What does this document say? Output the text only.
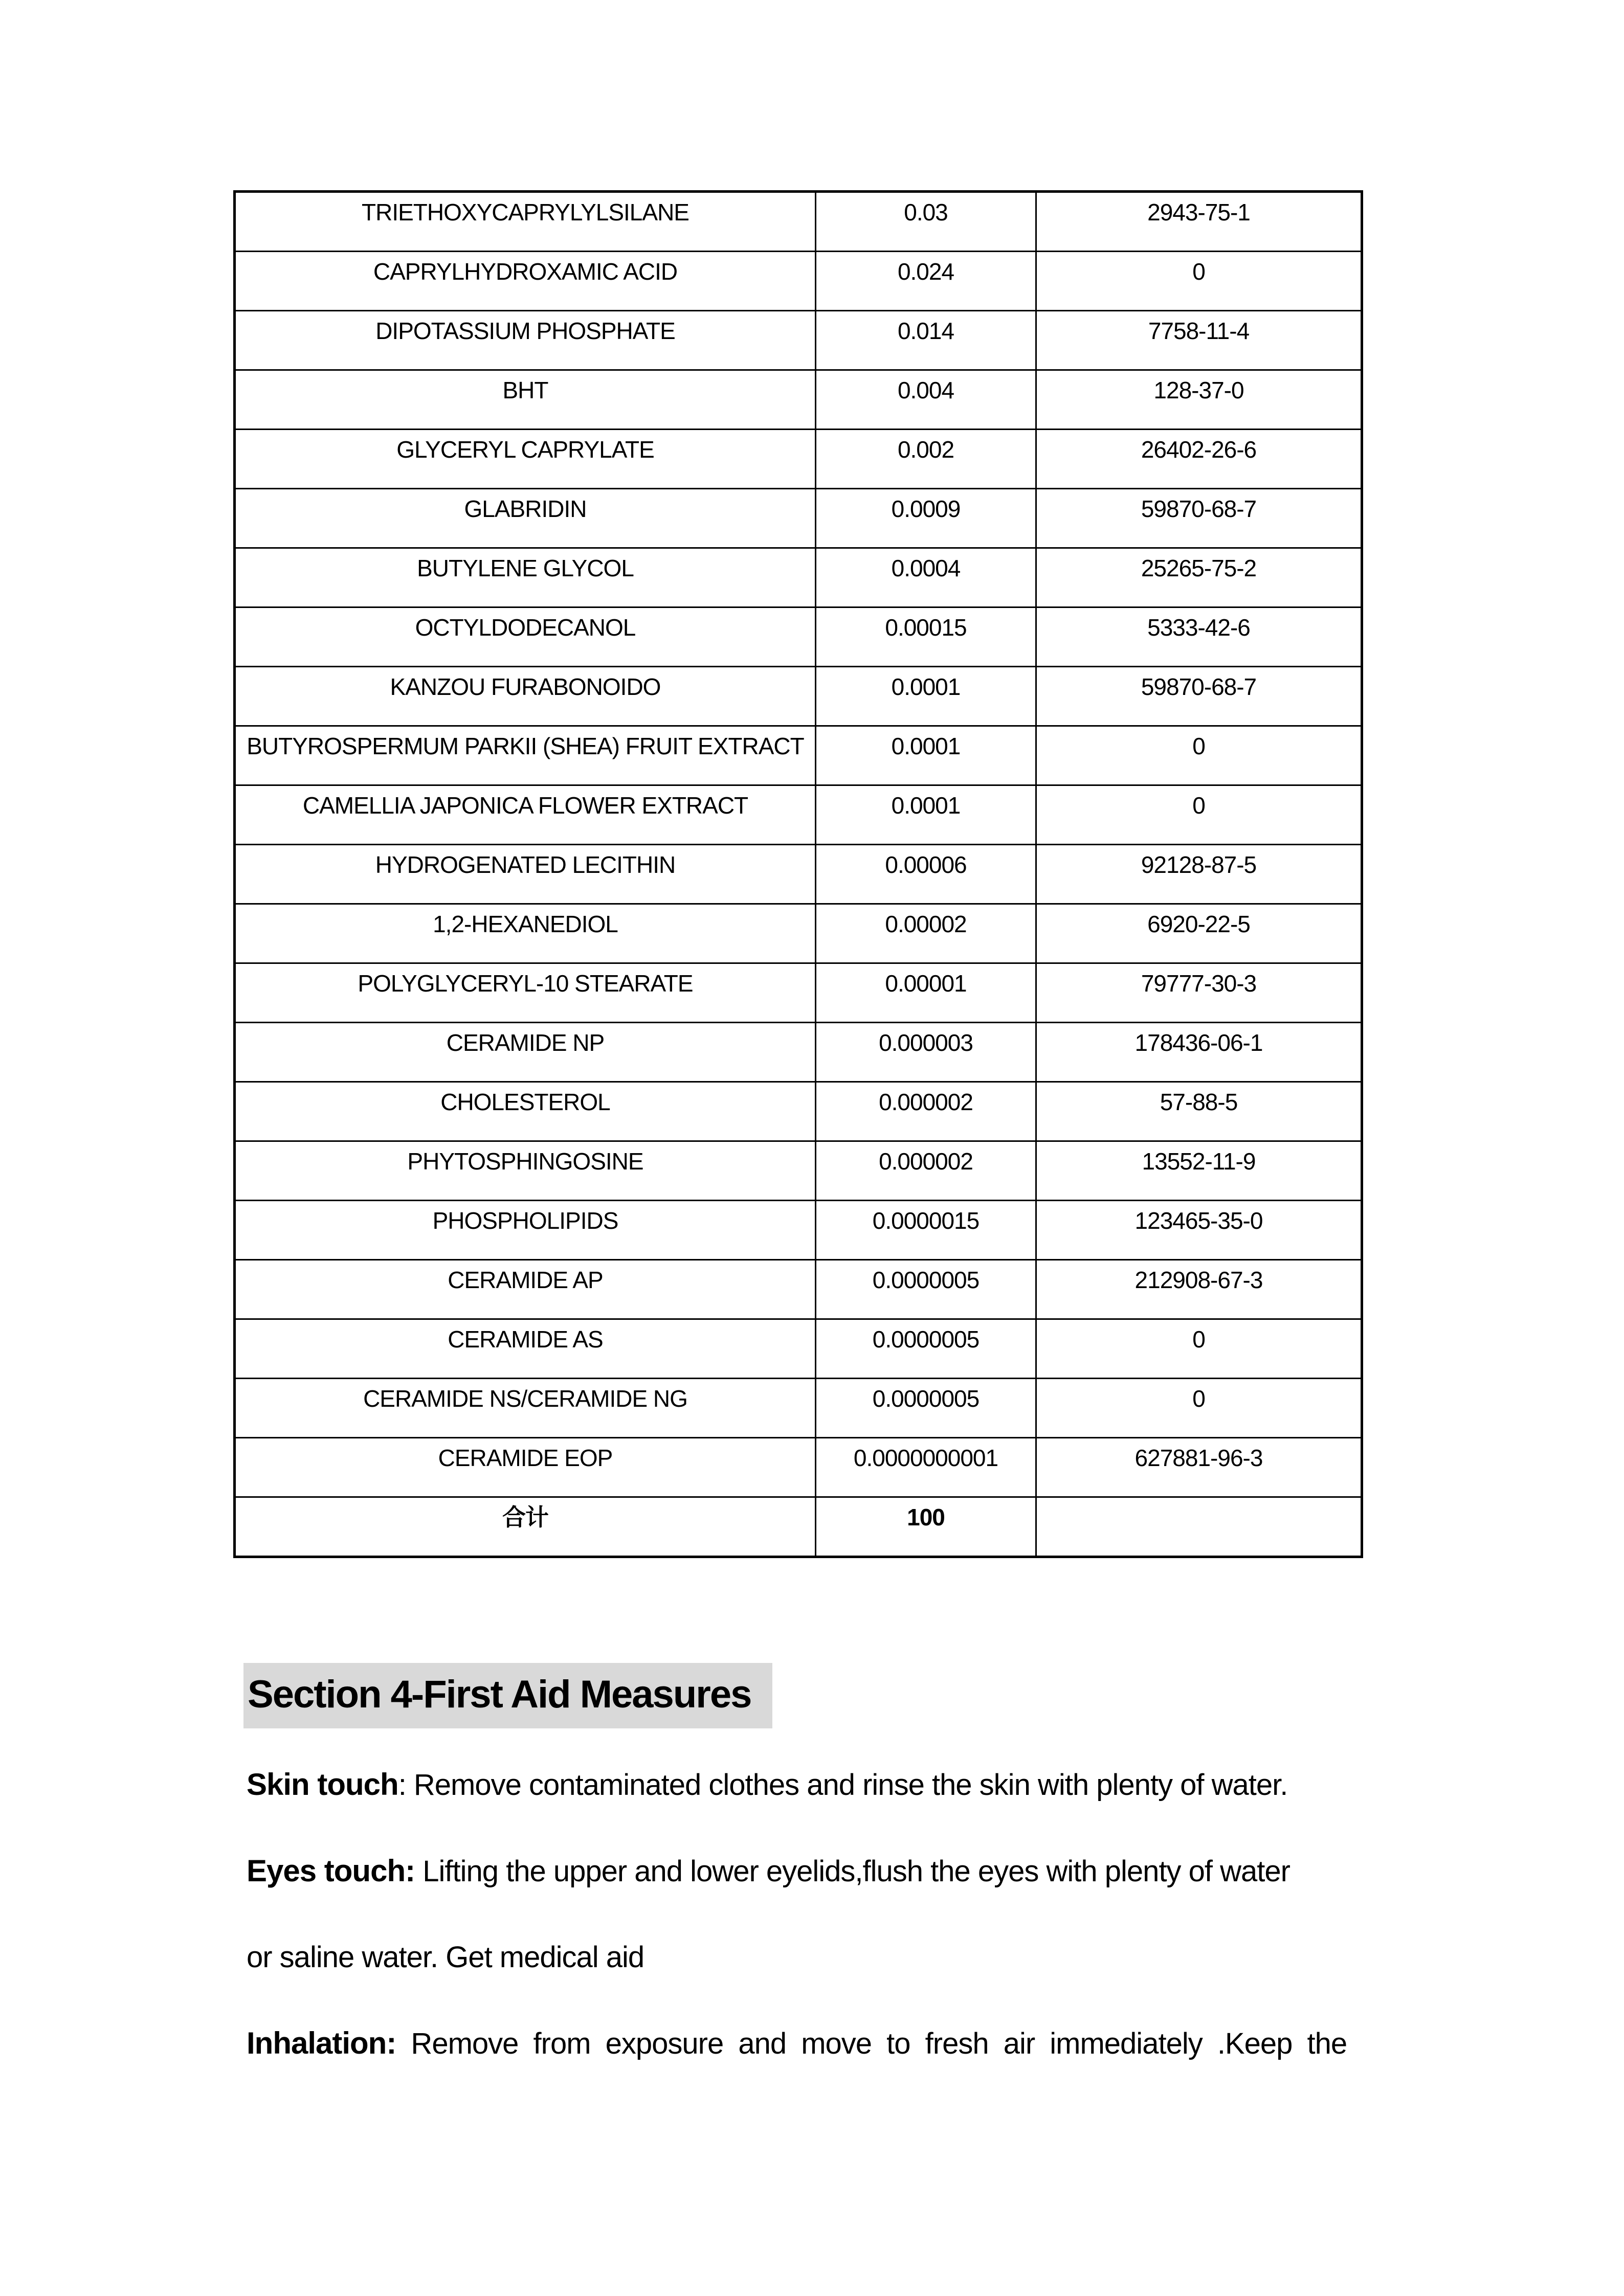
TRIETHOXYCAPRYLYLSILANE	0.03	2943-75-1
CAPRYLHYDROXAMIC ACID	0.024	0
DIPOTASSIUM PHOSPHATE	0.014	7758-11-4
BHT	0.004	128-37-0
GLYCERYL CAPRYLATE	0.002	26402-26-6
GLABRIDIN	0.0009	59870-68-7
BUTYLENE GLYCOL	0.0004	25265-75-2
OCTYLDODECANOL	0.00015	5333-42-6
KANZOU FURABONOIDO	0.0001	59870-68-7
BUTYROSPERMUM PARKII (SHEA) FRUIT EXTRACT	0.0001	0
CAMELLIA JAPONICA FLOWER EXTRACT	0.0001	0
HYDROGENATED LECITHIN	0.00006	92128-87-5
1,2-HEXANEDIOL	0.00002	6920-22-5
POLYGLYCERYL-10 STEARATE	0.00001	79777-30-3
CERAMIDE NP	0.000003	178436-06-1
CHOLESTEROL	0.000002	57-88-5
PHYTOSPHINGOSINE	0.000002	13552-11-9
PHOSPHOLIPIDS	0.0000015	123465-35-0
CERAMIDE AP	0.0000005	212908-67-3
CERAMIDE AS	0.0000005	0
CERAMIDE NS/CERAMIDE NG	0.0000005	0
CERAMIDE EOP	0.0000000001	627881-96-3
合计	100	
Section 4-First Aid Measures

Skin touch: Remove contaminated clothes and rinse the skin with plenty of water.

Eyes touch: Lifting the upper and lower eyelids,flush the eyes with plenty of water

or saline water. Get medical aid

Inhalation: Remove from exposure and move to fresh air immediately .Keep the
